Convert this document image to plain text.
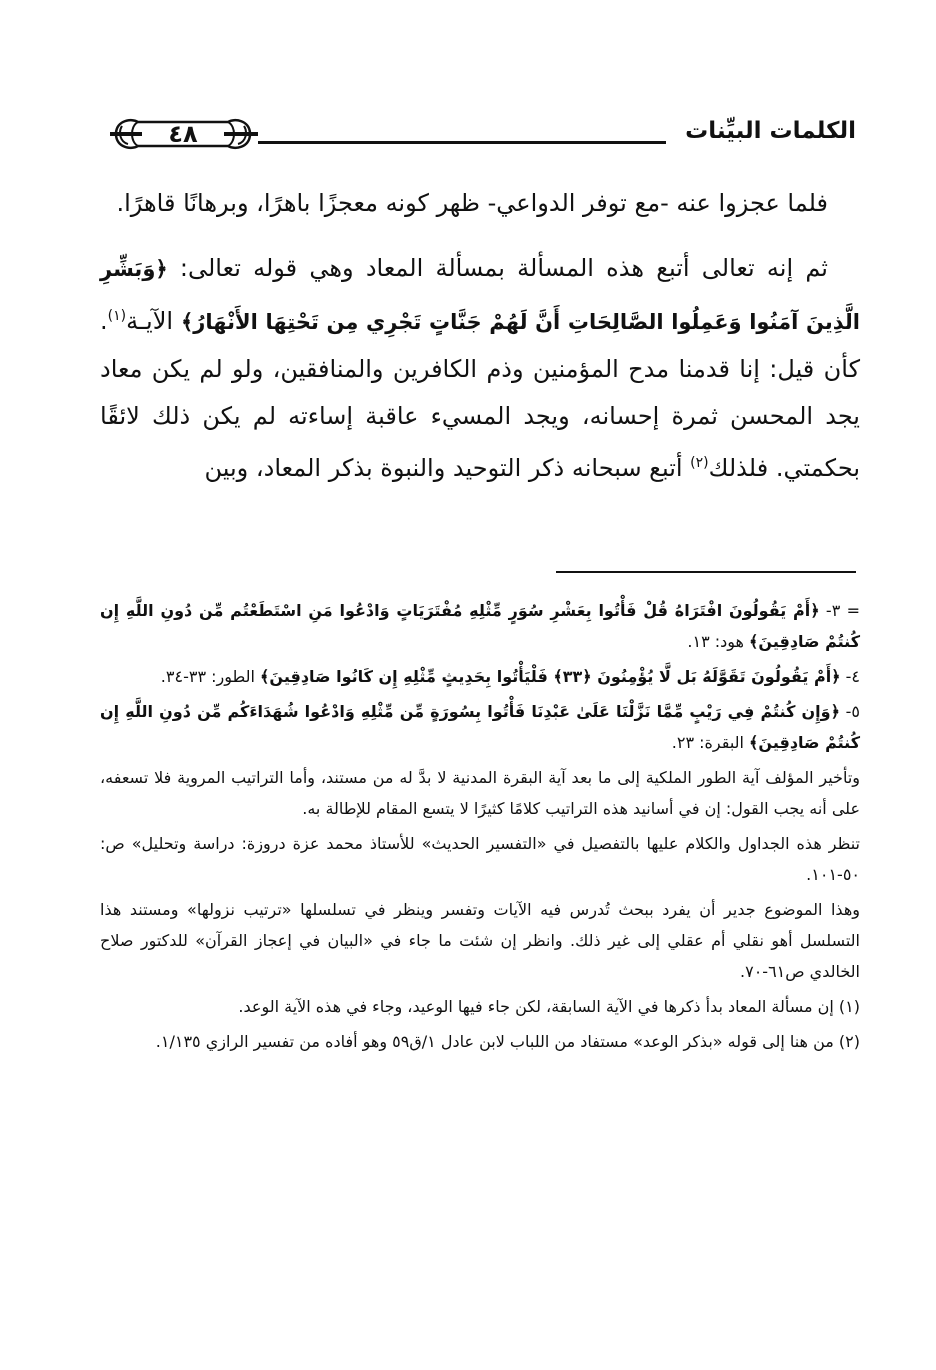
الكلمات البيِّنات
٤٨

فلما عجزوا عنه -مع توفر الدواعي- ظهر كونه معجزًا باهرًا، وبرهانًا قاهرًا.

ثم إنه تعالى أتبع هذه المسألة بمسألة المعاد وهي قوله تعالى: ﴿وَبَشِّرِ الَّذِينَ آمَنُوا وَعَمِلُوا الصَّالِحَاتِ أَنَّ لَهُمْ جَنَّاتٍ تَجْرِي مِن تَحْتِهَا الأَنْهَارُ﴾ الآيـة$^{(١)}$. كأن قيل: إنا قدمنا مدح المؤمنين وذم الكافرين والمنافقين، ولو لم يكن معاد يجد المحسن ثمرة إحسانه، ويجد المسيء عاقبة إساءته لم يكن ذلك لائقًا بحكمتي. فلذلك$^{(٢)}$ أتبع سبحانه ذكر التوحيد والنبوة بذكر المعاد، وبين

= ٣- ﴿أَمْ يَقُولُونَ افْتَرَاهُ قُلْ فَأْتُوا بِعَشْرِ سُوَرٍ مِّثْلِهِ مُفْتَرَيَاتٍ وَادْعُوا مَنِ اسْتَطَعْتُم مِّن دُونِ اللَّهِ إِن كُنتُمْ صَادِقِينَ﴾ هود: ١٣.

٤- ﴿أَمْ يَقُولُونَ تَقَوَّلَهُ بَل لَّا يُؤْمِنُونَ ﴿٣٣﴾ فَلْيَأْتُوا بِحَدِيثٍ مِّثْلِهِ إِن كَانُوا صَادِقِينَ﴾ الطور: ٣٣-٣٤.

٥- ﴿وَإِن كُنتُمْ فِي رَيْبٍ مِّمَّا نَزَّلْنَا عَلَىٰ عَبْدِنَا فَأْتُوا بِسُورَةٍ مِّن مِّثْلِهِ وَادْعُوا شُهَدَاءَكُم مِّن دُونِ اللَّهِ إِن كُنتُمْ صَادِقِينَ﴾ البقرة: ٢٣.

وتأخير المؤلف آية الطور الملكية إلى ما بعد آية البقرة المدنية لا بدَّ له من مستند، وأما التراتيب المروية فلا تسعفه، على أنه يجب القول: إن في أسانيد هذه التراتيب كلامًا كثيرًا لا يتسع المقام للإطالة به.

تنظر هذه الجداول والكلام عليها بالتفصيل في «التفسير الحديث» للأستاذ محمد عزة دروزة: دراسة وتحليل» ص: ٥٠-١٠١.

وهذا الموضوع جدير أن يفرد ببحث تُدرس فيه الآيات وتفسر وينظر في تسلسلها «ترتيب نزولها» ومستند هذا التسلسل أهو نقلي أم عقلي إلى غير ذلك. وانظر إن شئت ما جاء في «البيان في إعجاز القرآن» للدكتور صلاح الخالدي ص٦١-٧٠.

(١) إن مسألة المعاد بدأ ذكرها في الآية السابقة، لكن جاء فيها الوعيد، وجاء في هذه الآية الوعد.

(٢) من هنا إلى قوله «بذكر الوعد» مستفاد من اللباب لابن عادل ١/ق٥٩ وهو أفاده من تفسير الرازي ١/١٣٥.
